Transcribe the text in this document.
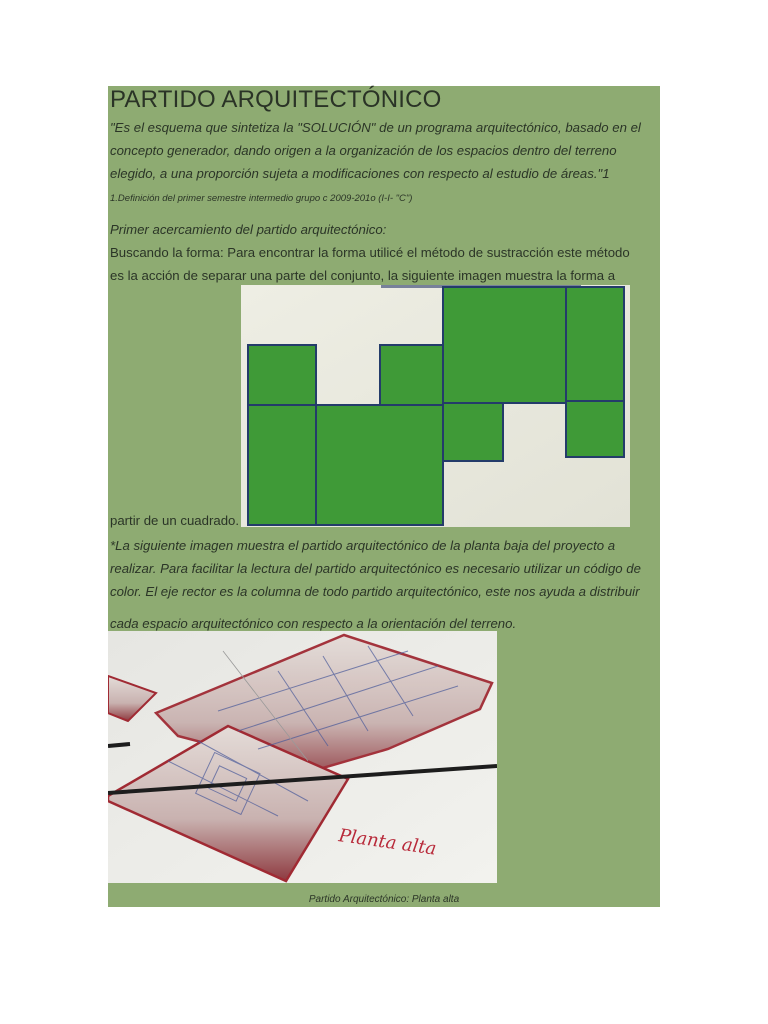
PARTIDO ARQUITECTÓNICO
"Es el esquema que sintetiza la "SOLUCIÓN" de un programa arquitectónico, basado en el
concepto generador, dando origen a la organización de los espacios dentro del terreno
elegido, a una proporción sujeta a modificaciones con respecto al estudio de áreas."1
1.Definición del primer semestre intermedio grupo c 2009-201o (I-I- "C")
Primer acercamiento del partido arquitectónico:
Buscando la forma: Para encontrar la forma utilicé el método de sustracción este método
es la acción de separar una parte del conjunto, la siguiente imagen muestra la forma a
partir de un cuadrado.
*La siguiente imagen muestra el partido arquitectónico de la planta baja del proyecto a
realizar. Para facilitar la lectura del partido arquitectónico es necesario utilizar un código de
color. El eje rector es la columna de todo partido arquitectónico, este nos ayuda a distribuir
cada espacio arquitectónico con respecto a la orientación del terreno.
Planta alta
Partido Arquitectónico: Planta alta
